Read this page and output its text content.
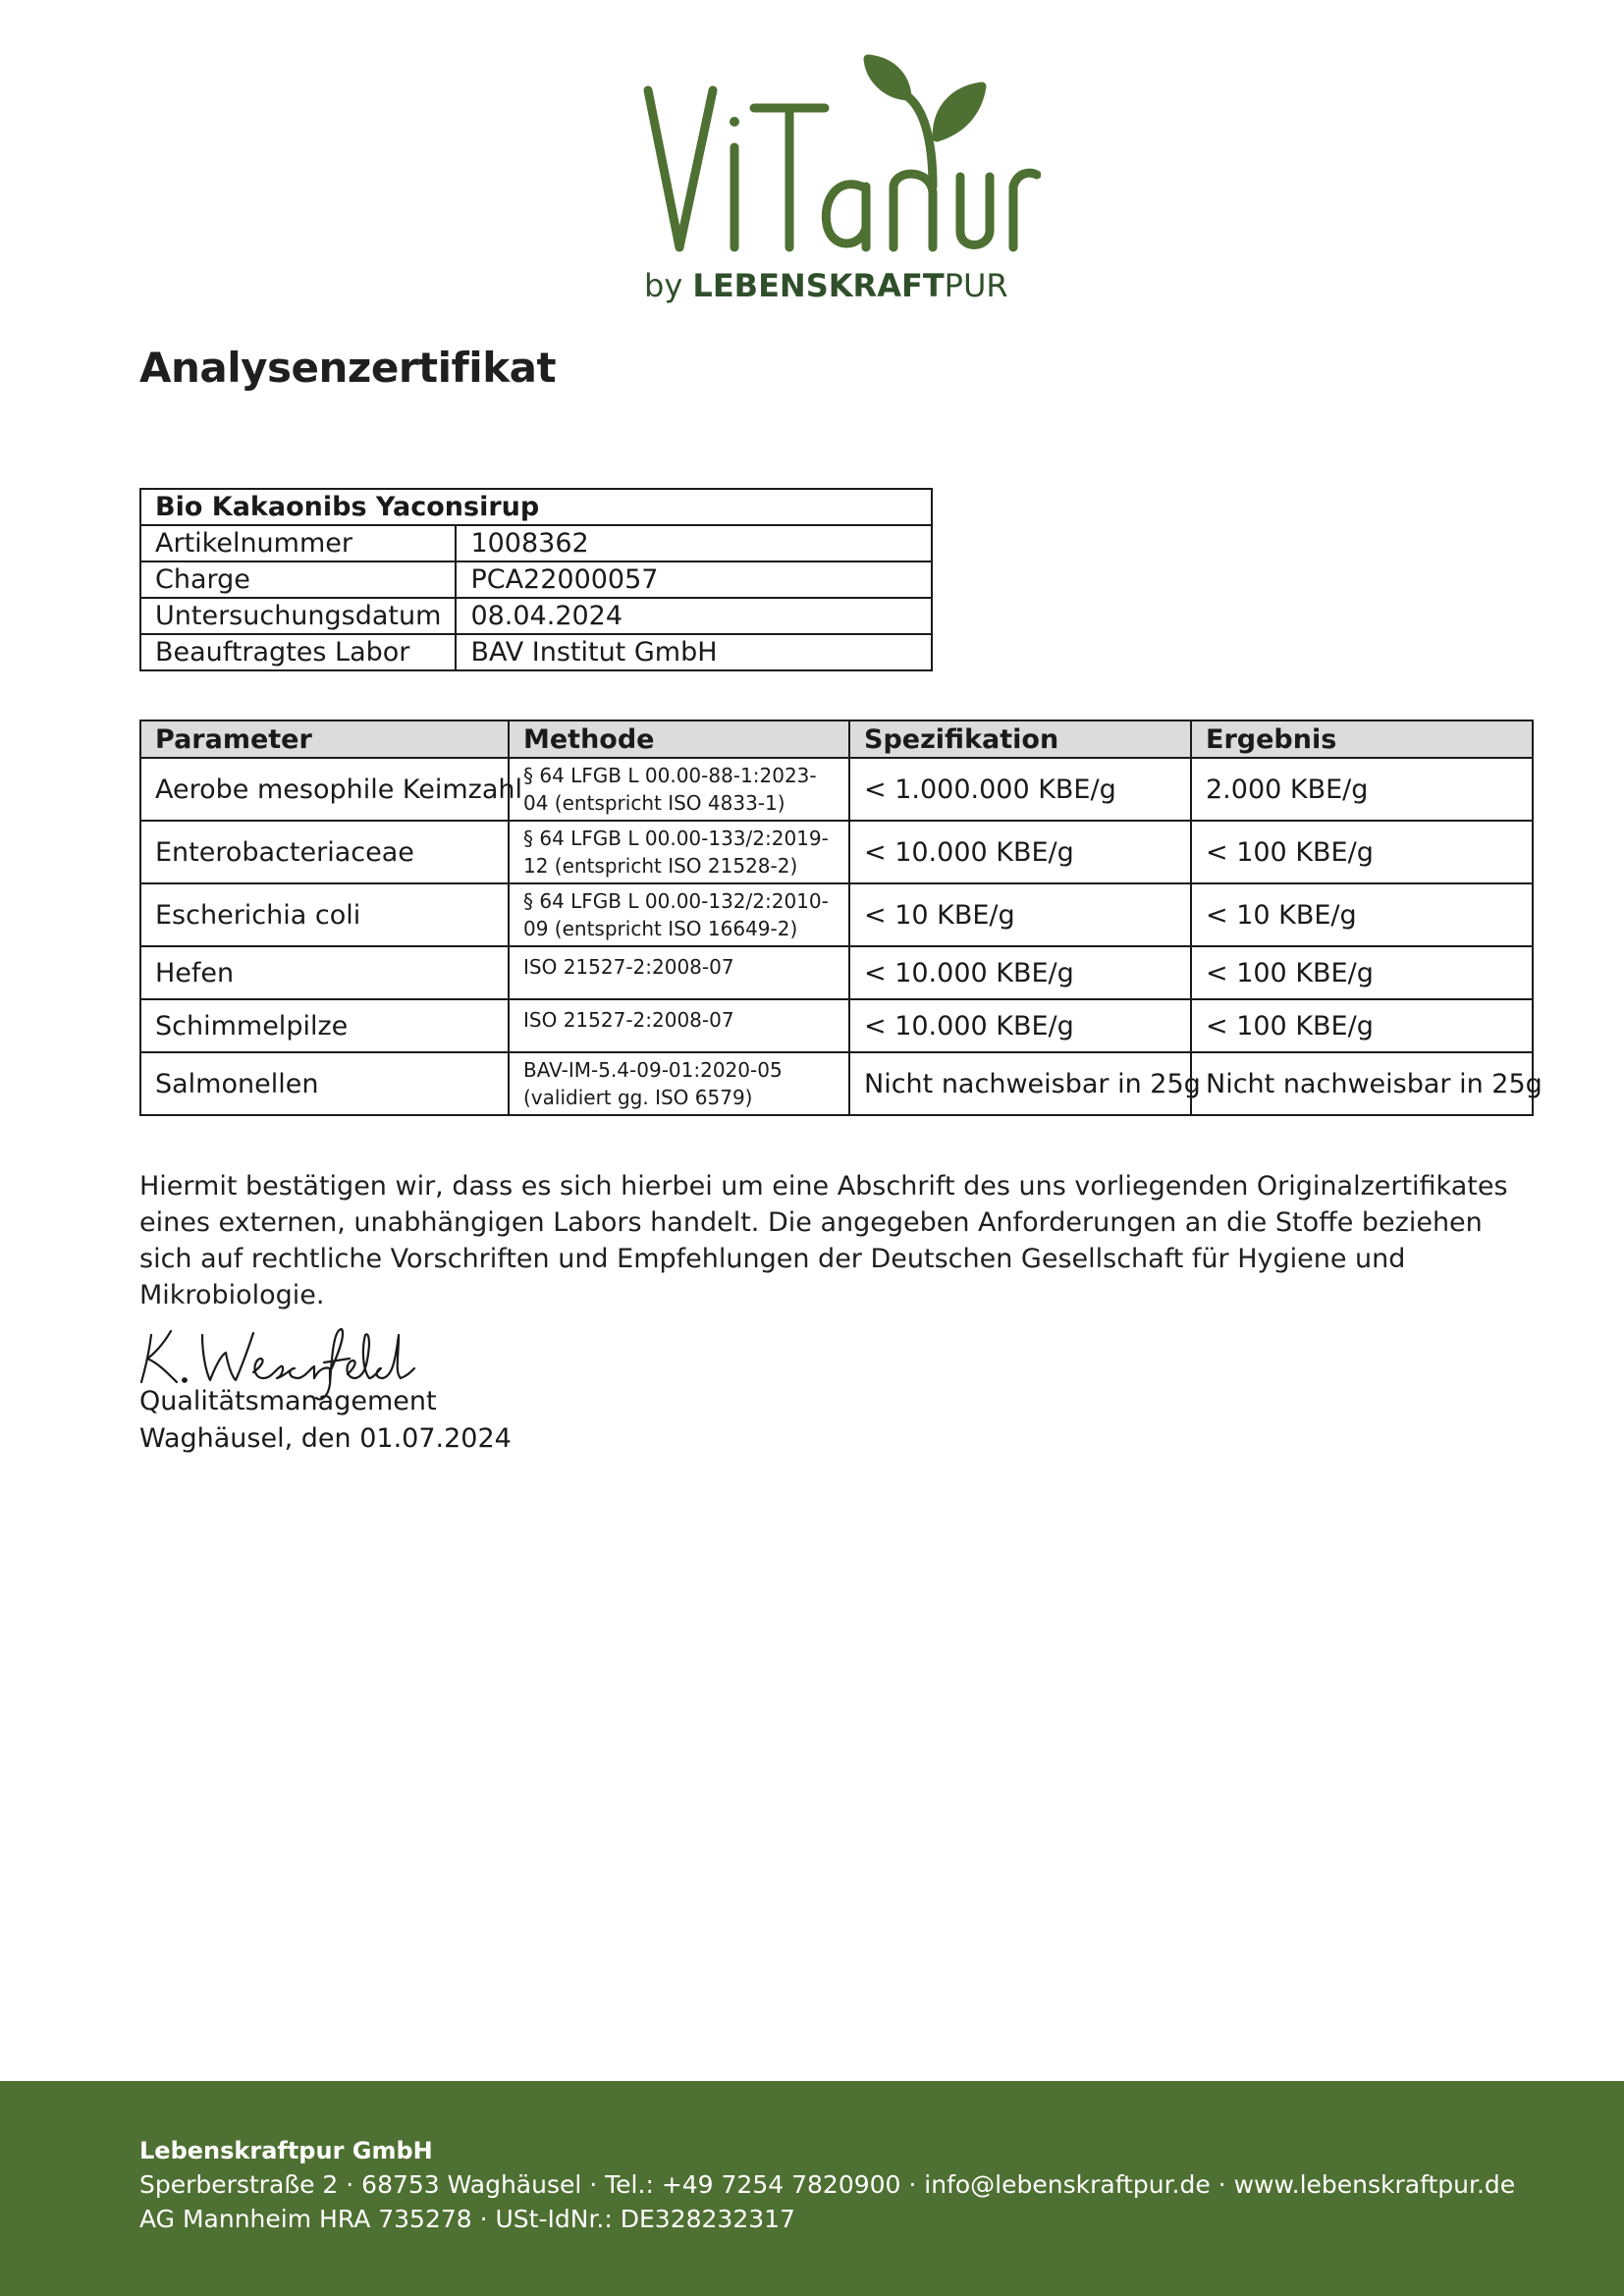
by LEBENSKRAFTPUR
Analysenzertifikat
Bio Kakaonibs Yaconsirup	
Artikelnummer	1008362
Charge	PCA22000057
Untersuchungsdatum	08.04.2024
Beauftragtes Labor	BAV Institut GmbH
Parameter	Methode	Spezifikation	Ergebnis
Aerobe mesophile Keimzahl	§ 64 LFGB L 00.00-88-1:2023-
04 (entspricht ISO 4833-1)	< 1.000.000 KBE/g	2.000 KBE/g
Enterobacteriaceae	§ 64 LFGB L 00.00-133/2:2019-
12 (entspricht ISO 21528-2)	< 10.000 KBE/g	< 100 KBE/g
Escherichia coli	§ 64 LFGB L 00.00-132/2:2010-
09 (entspricht ISO 16649-2)	< 10 KBE/g	< 10 KBE/g
Hefen	ISO 21527-2:2008-07	< 10.000 KBE/g	< 100 KBE/g
Schimmelpilze	ISO 21527-2:2008-07	< 10.000 KBE/g	< 100 KBE/g
Salmonellen	BAV-IM-5.4-09-01:2020-05
(validiert gg. ISO 6579)	Nicht nachweisbar in 25g	Nicht nachweisbar in 25g

Hiermit bestätigen wir, dass es sich hierbei um eine Abschrift des uns vorliegenden Originalzertifikates eines externen, unabhängigen Labors handelt. Die angegeben Anforderungen an die Stoffe beziehen sich auf rechtliche Vorschriften und Empfehlungen der Deutschen Gesellschaft für Hygiene und Mikrobiologie.

Qualitätsmanagement
Waghäusel, den 01.07.2024
Lebenskraftpur GmbH
Sperberstraße 2 · 68753 Waghäusel · Tel.: +49 7254 7820900 · info@lebenskraftpur.de · www.lebenskraftpur.de
AG Mannheim HRA 735278 · USt-IdNr.: DE328232317
